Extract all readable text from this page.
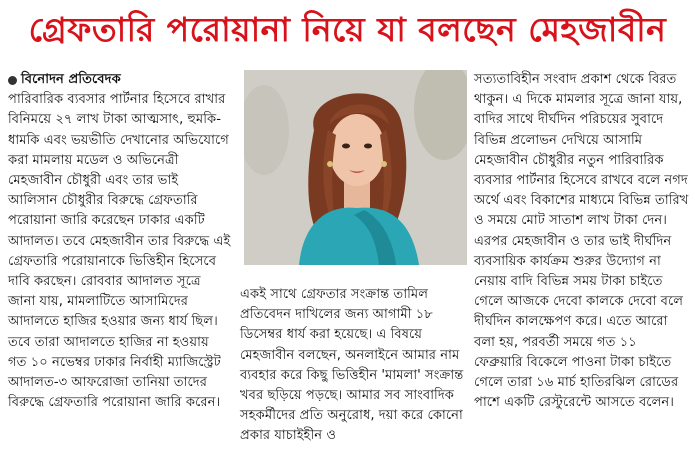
গ্রেফতারি পরোয়ানা নিয়ে যা বলছেন মেহজাবীন
বিনোদন প্রতিবেদক

পারিবারিক ব্যবসার পার্টনার হিসেবে রাখার বিনিময়ে ২৭ লাখ টাকা আত্মসাৎ, হুমকি-ধামকি এবং ভয়ভীতি দেখানোর অভিযোগে করা মামলায় মডেল ও অভিনেত্রী মেহজাবীন চৌধুরী এবং তার ভাই আলিসান চৌধুরীর বিরুদ্ধে গ্রেফতারি পরোয়ানা জারি করেছেন ঢাকার একটি আদালত। তবে মেহজাবীন তার বিরুদ্ধে এই গ্রেফতারি পরোয়ানাকে ভিত্তিহীন হিসেবে দাবি করছেন। রোববার আদালত সূত্রে জানা যায়, মামলাটিতে আসামিদের আদালতে হাজির হওয়ার জন্য ধার্য ছিল। তবে তারা আদালতে হাজির না হওয়ায় গত ১০ নভেম্বর ঢাকার নির্বাহী ম্যাজিস্ট্রেট আদালত-৩ আফরোজা তানিয়া তাদের বিরুদ্ধে গ্রেফতারি পরোয়ানা জারি করেন।

একই সাথে গ্রেফতার সংক্রান্ত তামিল প্রতিবেদন দাখিলের জন্য আগামী ১৮ ডিসেম্বর ধার্য করা হয়েছে। এ বিষয়ে মেহজাবীন বলছেন, অনলাইনে আমার নাম ব্যবহার করে কিছু ভিত্তিহীন 'মামলা' সংক্রান্ত খবর ছড়িয়ে পড়ছে। আমার সব সাংবাদিক সহকর্মীদের প্রতি অনুরোধ, দয়া করে কোনো প্রকার যাচাইহীন ও

সত্যতাবিহীন সংবাদ প্রকাশ থেকে বিরত থাকুন। এ দিকে মামলার সূত্রে জানা যায়, বাদির সাথে দীর্ঘদিন পরিচয়ের সুবাদে বিভিন্ন প্রলোভন দেখিয়ে আসামি মেহজাবীন চৌধুরীর নতুন পারিবারিক ব্যবসার পার্টনার হিসেবে রাখবে বলে নগদ অর্থে এবং বিকাশের মাধ্যমে বিভিন্ন তারিখ ও সময়ে মোট সাতাশ লাখ টাকা দেন। এরপর মেহজাবীন ও তার ভাই দীর্ঘদিন ব্যবসায়িক কার্যক্রম শুরুর উদ্যোগ না নেয়ায় বাদি বিভিন্ন সময় টাকা চাইতে গেলে আজকে দেবো কালকে দেবো বলে দীর্ঘদিন কালক্ষেপণ করে। এতে আরো বলা হয়, পরবর্তী সময়ে গত ১১ ফেব্রুয়ারি বিকেলে পাওনা টাকা চাইতে গেলে তারা ১৬ মার্চ হাতিরঝিল রোডের পাশে একটি রেস্টুরেন্টে আসতে বলেন।
